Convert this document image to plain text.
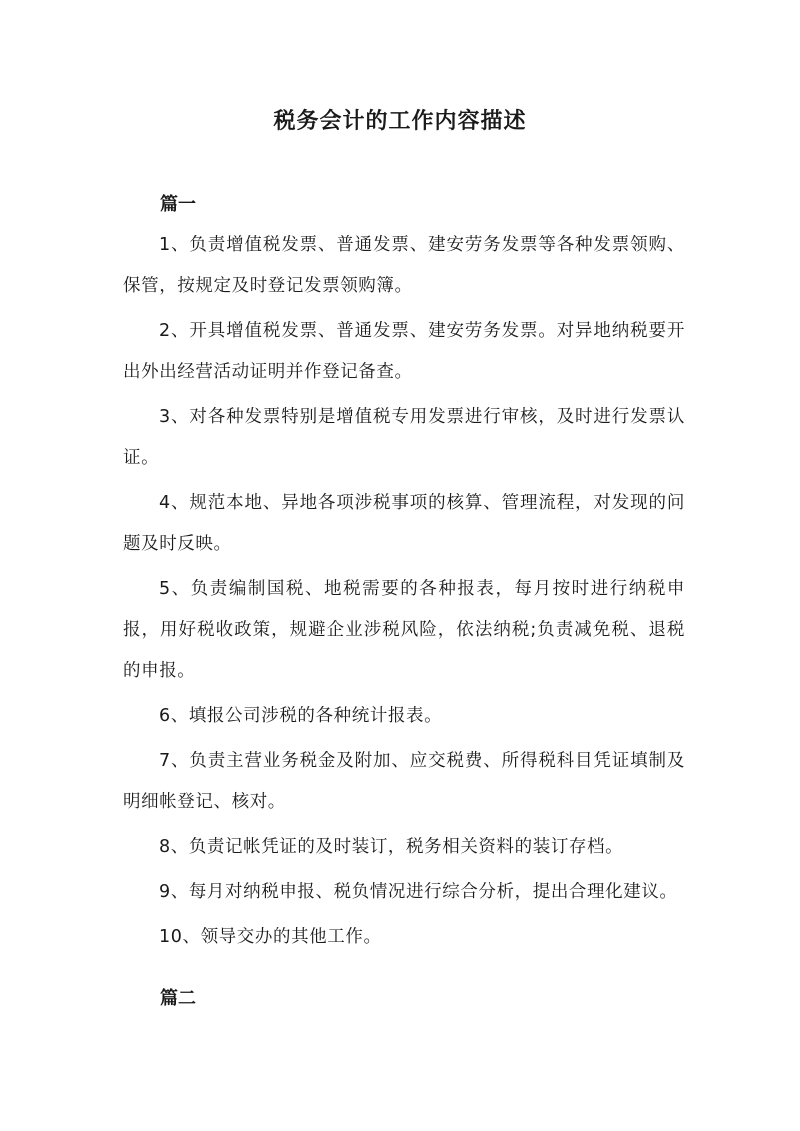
税务会计的工作内容描述
篇一

1、负责增值税发票、普通发票、建安劳务发票等各种发票领购、保管，按规定及时登记发票领购簿。

2、开具增值税发票、普通发票、建安劳务发票。对异地纳税要开出外出经营活动证明并作登记备查。

3、对各种发票特别是增值税专用发票进行审核，及时进行发票认证。

4、规范本地、异地各项涉税事项的核算、管理流程，对发现的问题及时反映。

5、负责编制国税、地税需要的各种报表，每月按时进行纳税申报，用好税收政策，规避企业涉税风险，依法纳税;负责减免税、退税的申报。

6、填报公司涉税的各种统计报表。

7、负责主营业务税金及附加、应交税费、所得税科目凭证填制及明细帐登记、核对。

8、负责记帐凭证的及时装订，税务相关资料的装订存档。

9、每月对纳税申报、税负情况进行综合分析，提出合理化建议。

10、领导交办的其他工作。

篇二
